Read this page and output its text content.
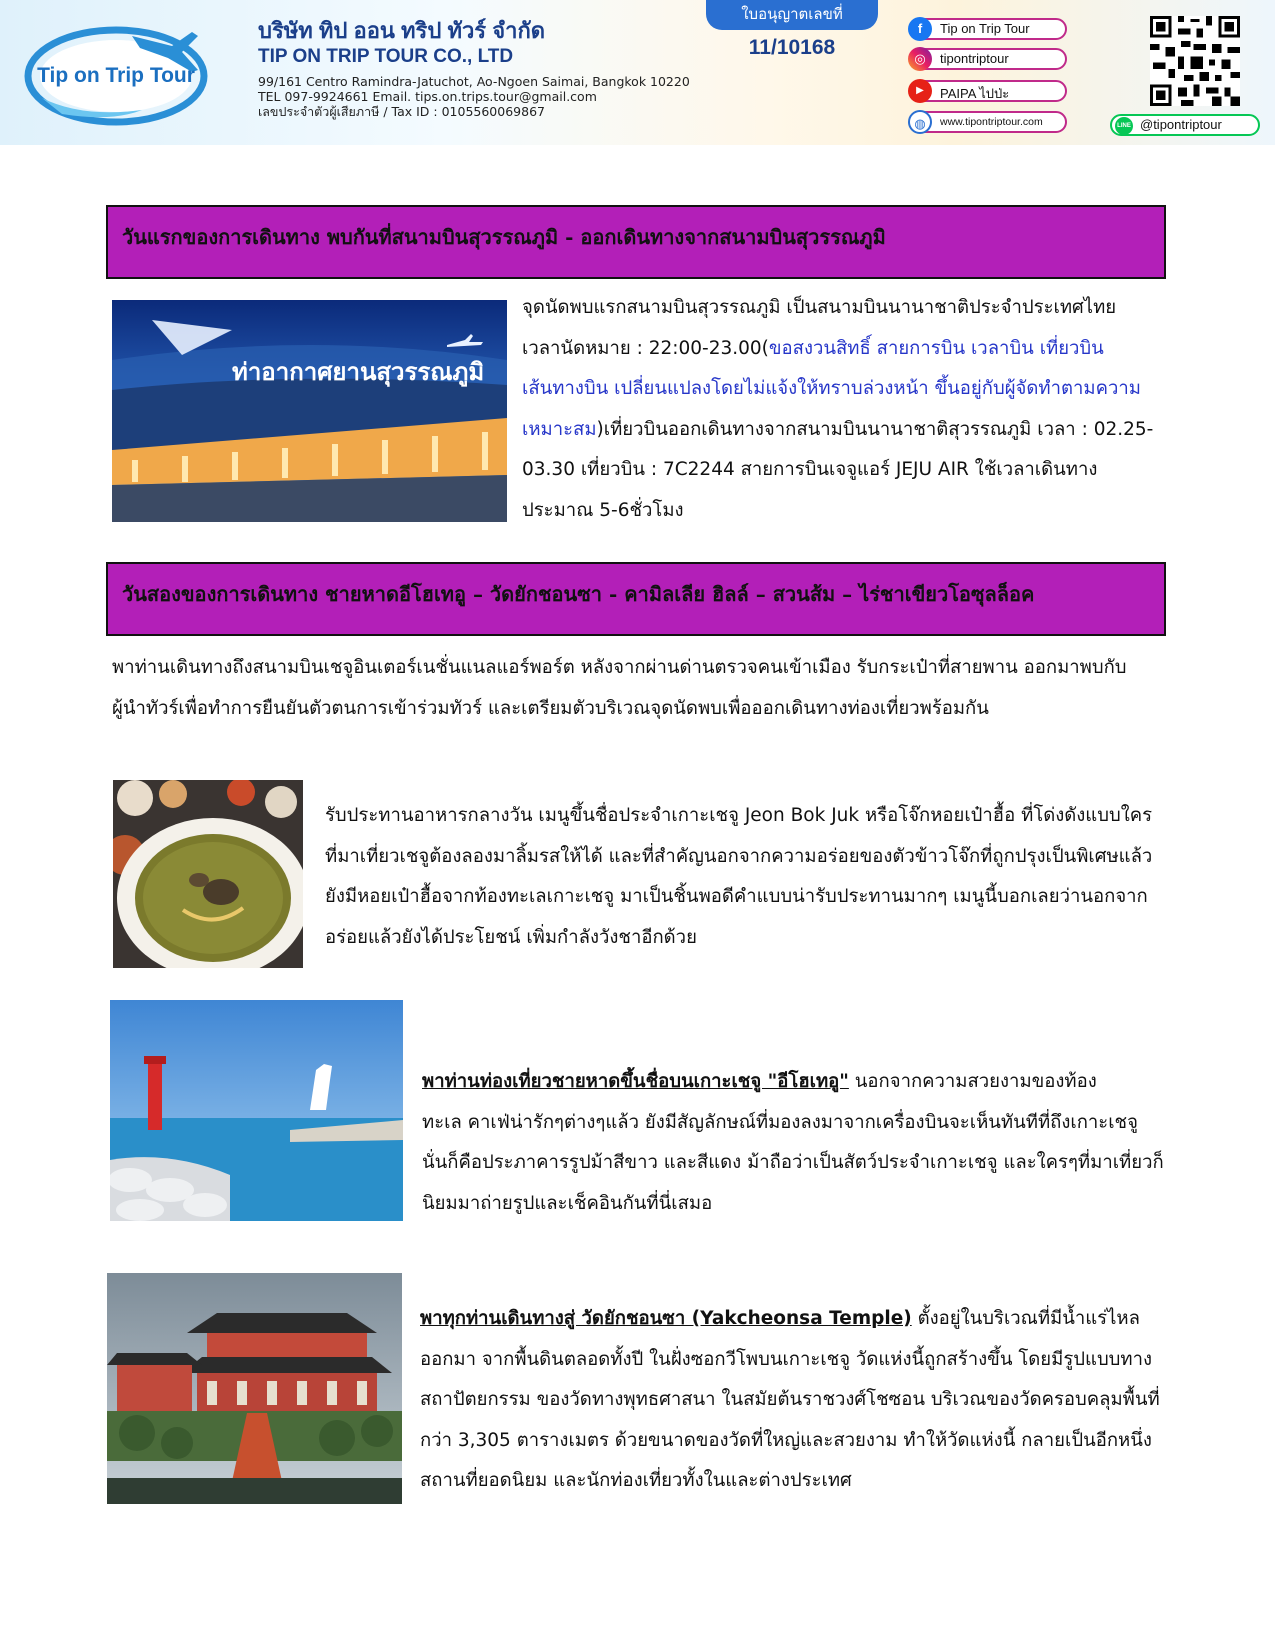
Tip on Trip Tour
บริษัท ทิป ออน ทริป ทัวร์ จำกัด
TIP ON TRIP TOUR CO., LTD
99/161 Centro Ramindra-Jatuchot, Ao-Ngoen Saimai, Bangkok 10220
TEL 097-9924661 Email. tips.on.trips.tour@gmail.com
เลขประจำตัวผู้เสียภาษี / Tax ID : 0105560069867
ใบอนุญาตเลขที่
11/10168
f	Tip on Trip Tour
◎	tipontriptour
▶	PAIPA ไปป่ะ
◍	www.tipontriptour.com	LINE @tipontriptour
วันแรกของการเดินทาง พบกันที่สนามบินสุวรรณภูมิ - ออกเดินทางจากสนามบินสุวรรณภูมิ
ท่าอากาศยานสุวรรณภูมิ
จุดนัดพบแรกสนามบินสุวรรณภูมิ เป็นสนามบินนานาชาติประจำประเทศไทย
เวลานัดหมาย : 22:00-23.00(ขอสงวนสิทธิ์ สายการบิน เวลาบิน เที่ยวบิน
เส้นทางบิน เปลี่ยนแปลงโดยไม่แจ้งให้ทราบล่วงหน้า ขึ้นอยู่กับผู้จัดทำตามความ
เหมาะสม)เที่ยวบินออกเดินทางจากสนามบินนานาชาติสุวรรณภูมิ เวลา : 02.25-
03.30 เที่ยวบิน : 7C2244 สายการบินเจจูแอร์ JEJU AIR ใช้เวลาเดินทาง
ประมาณ 5-6ชั่วโมง
วันสองของการเดินทาง ชายหาดอีโฮเทอู – วัดยักชอนซา - คามิลเลีย ฮิลล์ – สวนส้ม – ไร่ชาเขียวโอซุลล็อค
พาท่านเดินทางถึงสนามบินเชจูอินเตอร์เนชั่นแนลแอร์พอร์ต หลังจากผ่านด่านตรวจคนเข้าเมือง รับกระเป๋าที่สายพาน ออกมาพบกับ
ผู้นำทัวร์เพื่อทำการยืนยันตัวตนการเข้าร่วมทัวร์ และเตรียมตัวบริเวณจุดนัดพบเพื่อออกเดินทางท่องเที่ยวพร้อมกัน
รับประทานอาหารกลางวัน เมนูขึ้นชื่อประจำเกาะเชจู Jeon Bok Juk หรือโจ๊กหอยเป๋าฮื้อ ที่โด่งดังแบบใคร
ที่มาเที่ยวเชจูต้องลองมาลิ้มรสให้ได้ และที่สำคัญนอกจากความอร่อยของตัวข้าวโจ๊กที่ถูกปรุงเป็นพิเศษแล้ว
ยังมีหอยเป๋าฮื้อจากท้องทะเลเกาะเชจู มาเป็นชิ้นพอดีคำแบบน่ารับประทานมากๆ เมนูนี้บอกเลยว่านอกจาก
อร่อยแล้วยังได้ประโยชน์ เพิ่มกำลังวังชาอีกด้วย
พาท่านท่องเที่ยวชายหาดขึ้นชื่อบนเกาะเชจู "อีโฮเทอู" นอกจากความสวยงามของท้อง
ทะเล คาเฟ่น่ารักๆต่างๆแล้ว ยังมีสัญลักษณ์ที่มองลงมาจากเครื่องบินจะเห็นทันทีที่ถึงเกาะเชจู
นั่นก็คือประภาคารรูปม้าสีขาว และสีแดง ม้าถือว่าเป็นสัตว์ประจำเกาะเชจู และใครๆที่มาเที่ยวก็
นิยมมาถ่ายรูปและเช็คอินกันที่นี่เสมอ
พาทุกท่านเดินทางสู่ วัดยักชอนซา (Yakcheonsa Temple) ตั้งอยู่ในบริเวณที่มีน้ำแร่ไหล
ออกมา จากพื้นดินตลอดทั้งปี ในฝั่งซอกวีโพบนเกาะเชจู วัดแห่งนี้ถูกสร้างขึ้น โดยมีรูปแบบทาง
สถาปัตยกรรม ของวัดทางพุทธศาสนา ในสมัยต้นราชวงศ์โชซอน บริเวณของวัดครอบคลุมพื้นที่
กว่า 3,305 ตารางเมตร ด้วยขนาดของวัดที่ใหญ่และสวยงาม ทำให้วัดแห่งนี้ กลายเป็นอีกหนึ่ง
สถานที่ยอดนิยม และนักท่องเที่ยวทั้งในและต่างประเทศ
